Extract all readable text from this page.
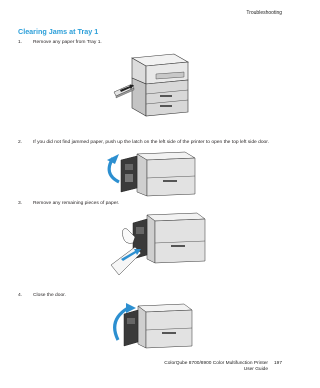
Troubleshooting
Clearing Jams at Tray 1
1.	Remove any paper from Tray 1.
2.	If you did not find jammed paper, push up the latch on the left side of the printer to open the top left side door.
3.	Remove any remaining pieces of paper.
4.	Close the door.
ColorQube 8700/8900 Color Multifunction Printer 197
User Guide
